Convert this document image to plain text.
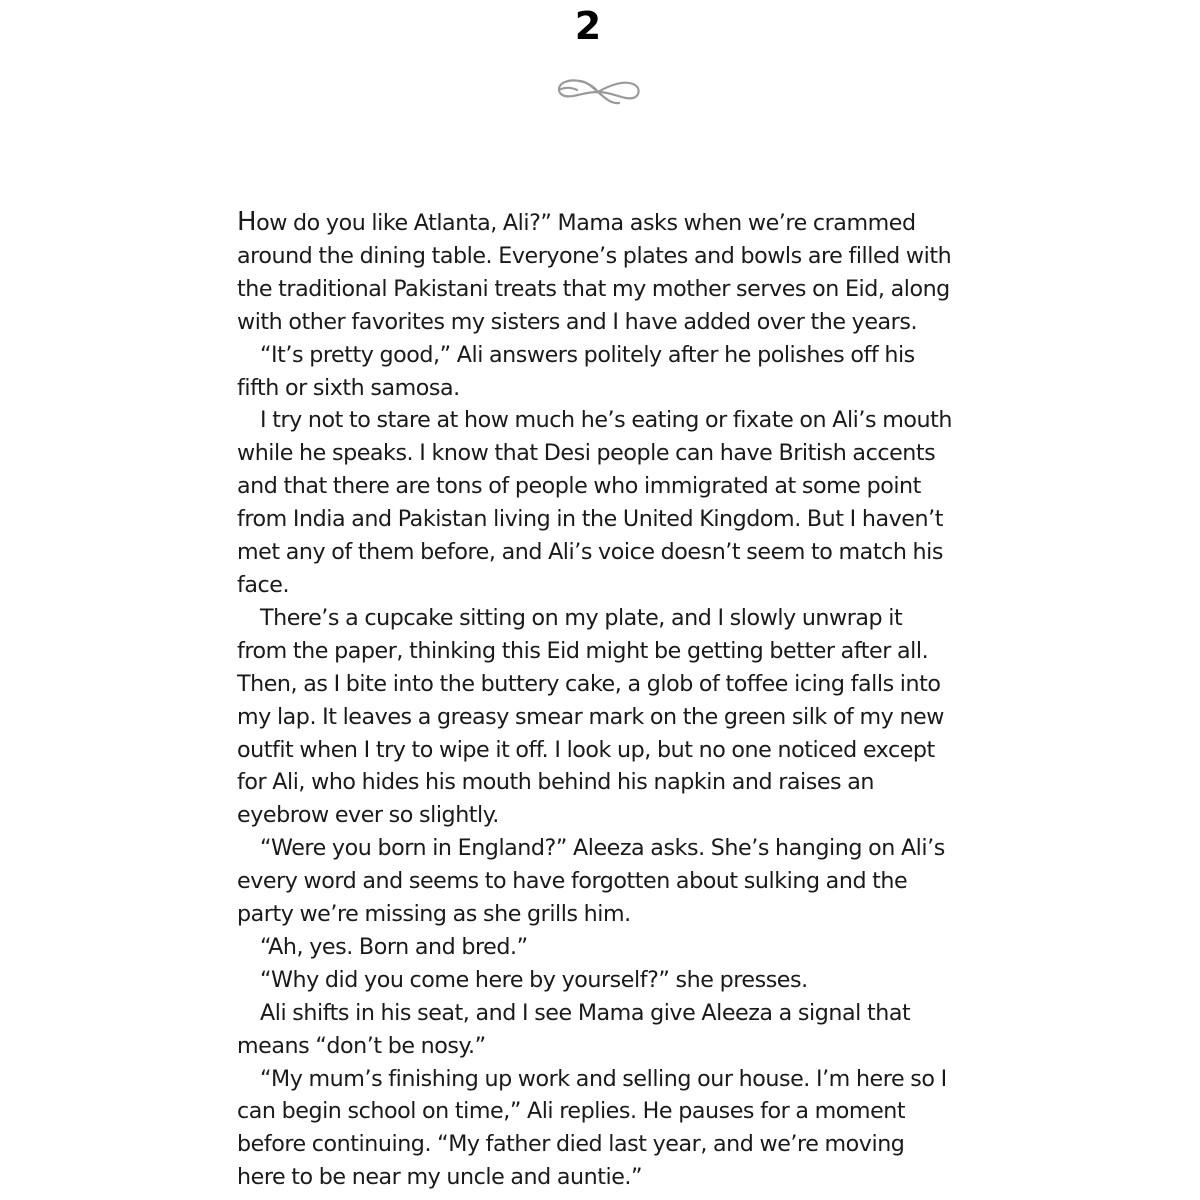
2

How do you like Atlanta, Ali?” Mama asks when we’re crammed around the dining table. Everyone’s plates and bowls are filled with the traditional Pakistani treats that my mother serves on Eid, along with other favorites my sisters and I have added over the years.

“It’s pretty good,” Ali answers politely after he polishes off his fifth or sixth samosa.

I try not to stare at how much he’s eating or fixate on Ali’s mouth while he speaks. I know that Desi people can have British accents and that there are tons of people who immigrated at some point from India and Pakistan living in the United Kingdom. But I haven’t met any of them before, and Ali’s voice doesn’t seem to match his face.

There’s a cupcake sitting on my plate, and I slowly unwrap it from the paper, thinking this Eid might be getting better after all. Then, as I bite into the buttery cake, a glob of toffee icing falls into my lap. It leaves a greasy smear mark on the green silk of my new outfit when I try to wipe it off. I look up, but no one noticed except for Ali, who hides his mouth behind his napkin and raises an eyebrow ever so slightly.

“Were you born in England?” Aleeza asks. She’s hanging on Ali’s every word and seems to have forgotten about sulking and the party we’re missing as she grills him.

“Ah, yes. Born and bred.”

“Why did you come here by yourself?” she presses.

Ali shifts in his seat, and I see Mama give Aleeza a signal that means “don’t be nosy.”

“My mum’s finishing up work and selling our house. I’m here so I can begin school on time,” Ali replies. He pauses for a moment before continuing. “My father died last year, and we’re moving here to be near my uncle and auntie.”
